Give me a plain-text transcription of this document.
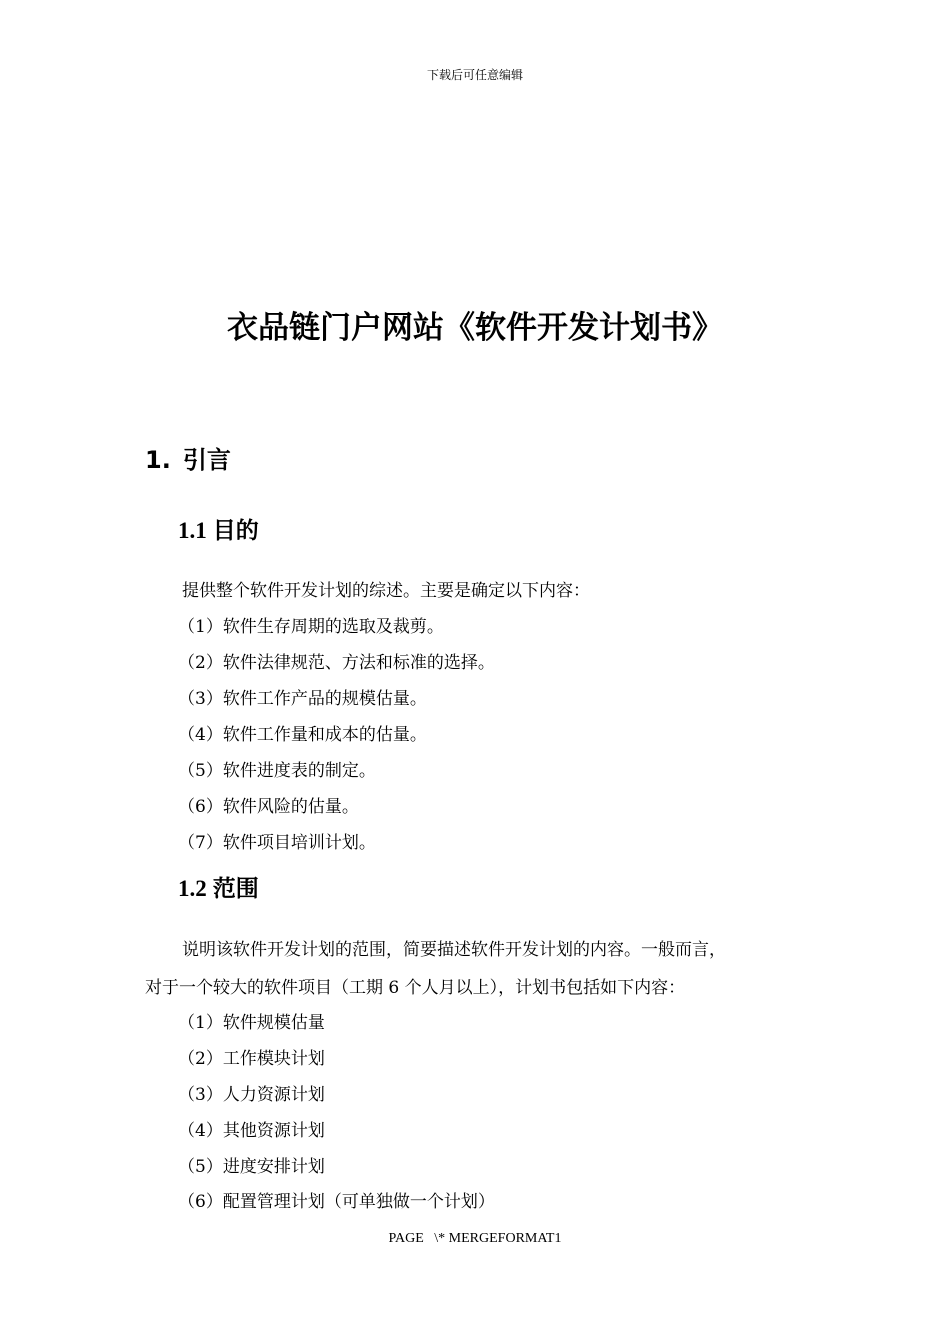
下载后可任意编辑
衣品链门户网站《软件开发计划书》
1. 引言
1.1 目的

提供整个软件开发计划的综述。主要是确定以下内容：

（1）软件生存周期的选取及裁剪。

（2）软件法律规范、方法和标准的选择。

（3）软件工作产品的规模估量。

（4）软件工作量和成本的估量。

（5）软件进度表的制定。

（6）软件风险的估量。

（7）软件项目培训计划。

1.2 范围

说明该软件开发计划的范围，简要描述软件开发计划的内容。一般而言，

对于一个较大的软件项目（工期 6 个人月以上），计划书包括如下内容：

（1）软件规模估量

（2）工作模块计划

（3）人力资源计划

（4）其他资源计划

（5）进度安排计划

（6）配置管理计划（可单独做一个计划）

PAGE   \* MERGEFORMAT1
